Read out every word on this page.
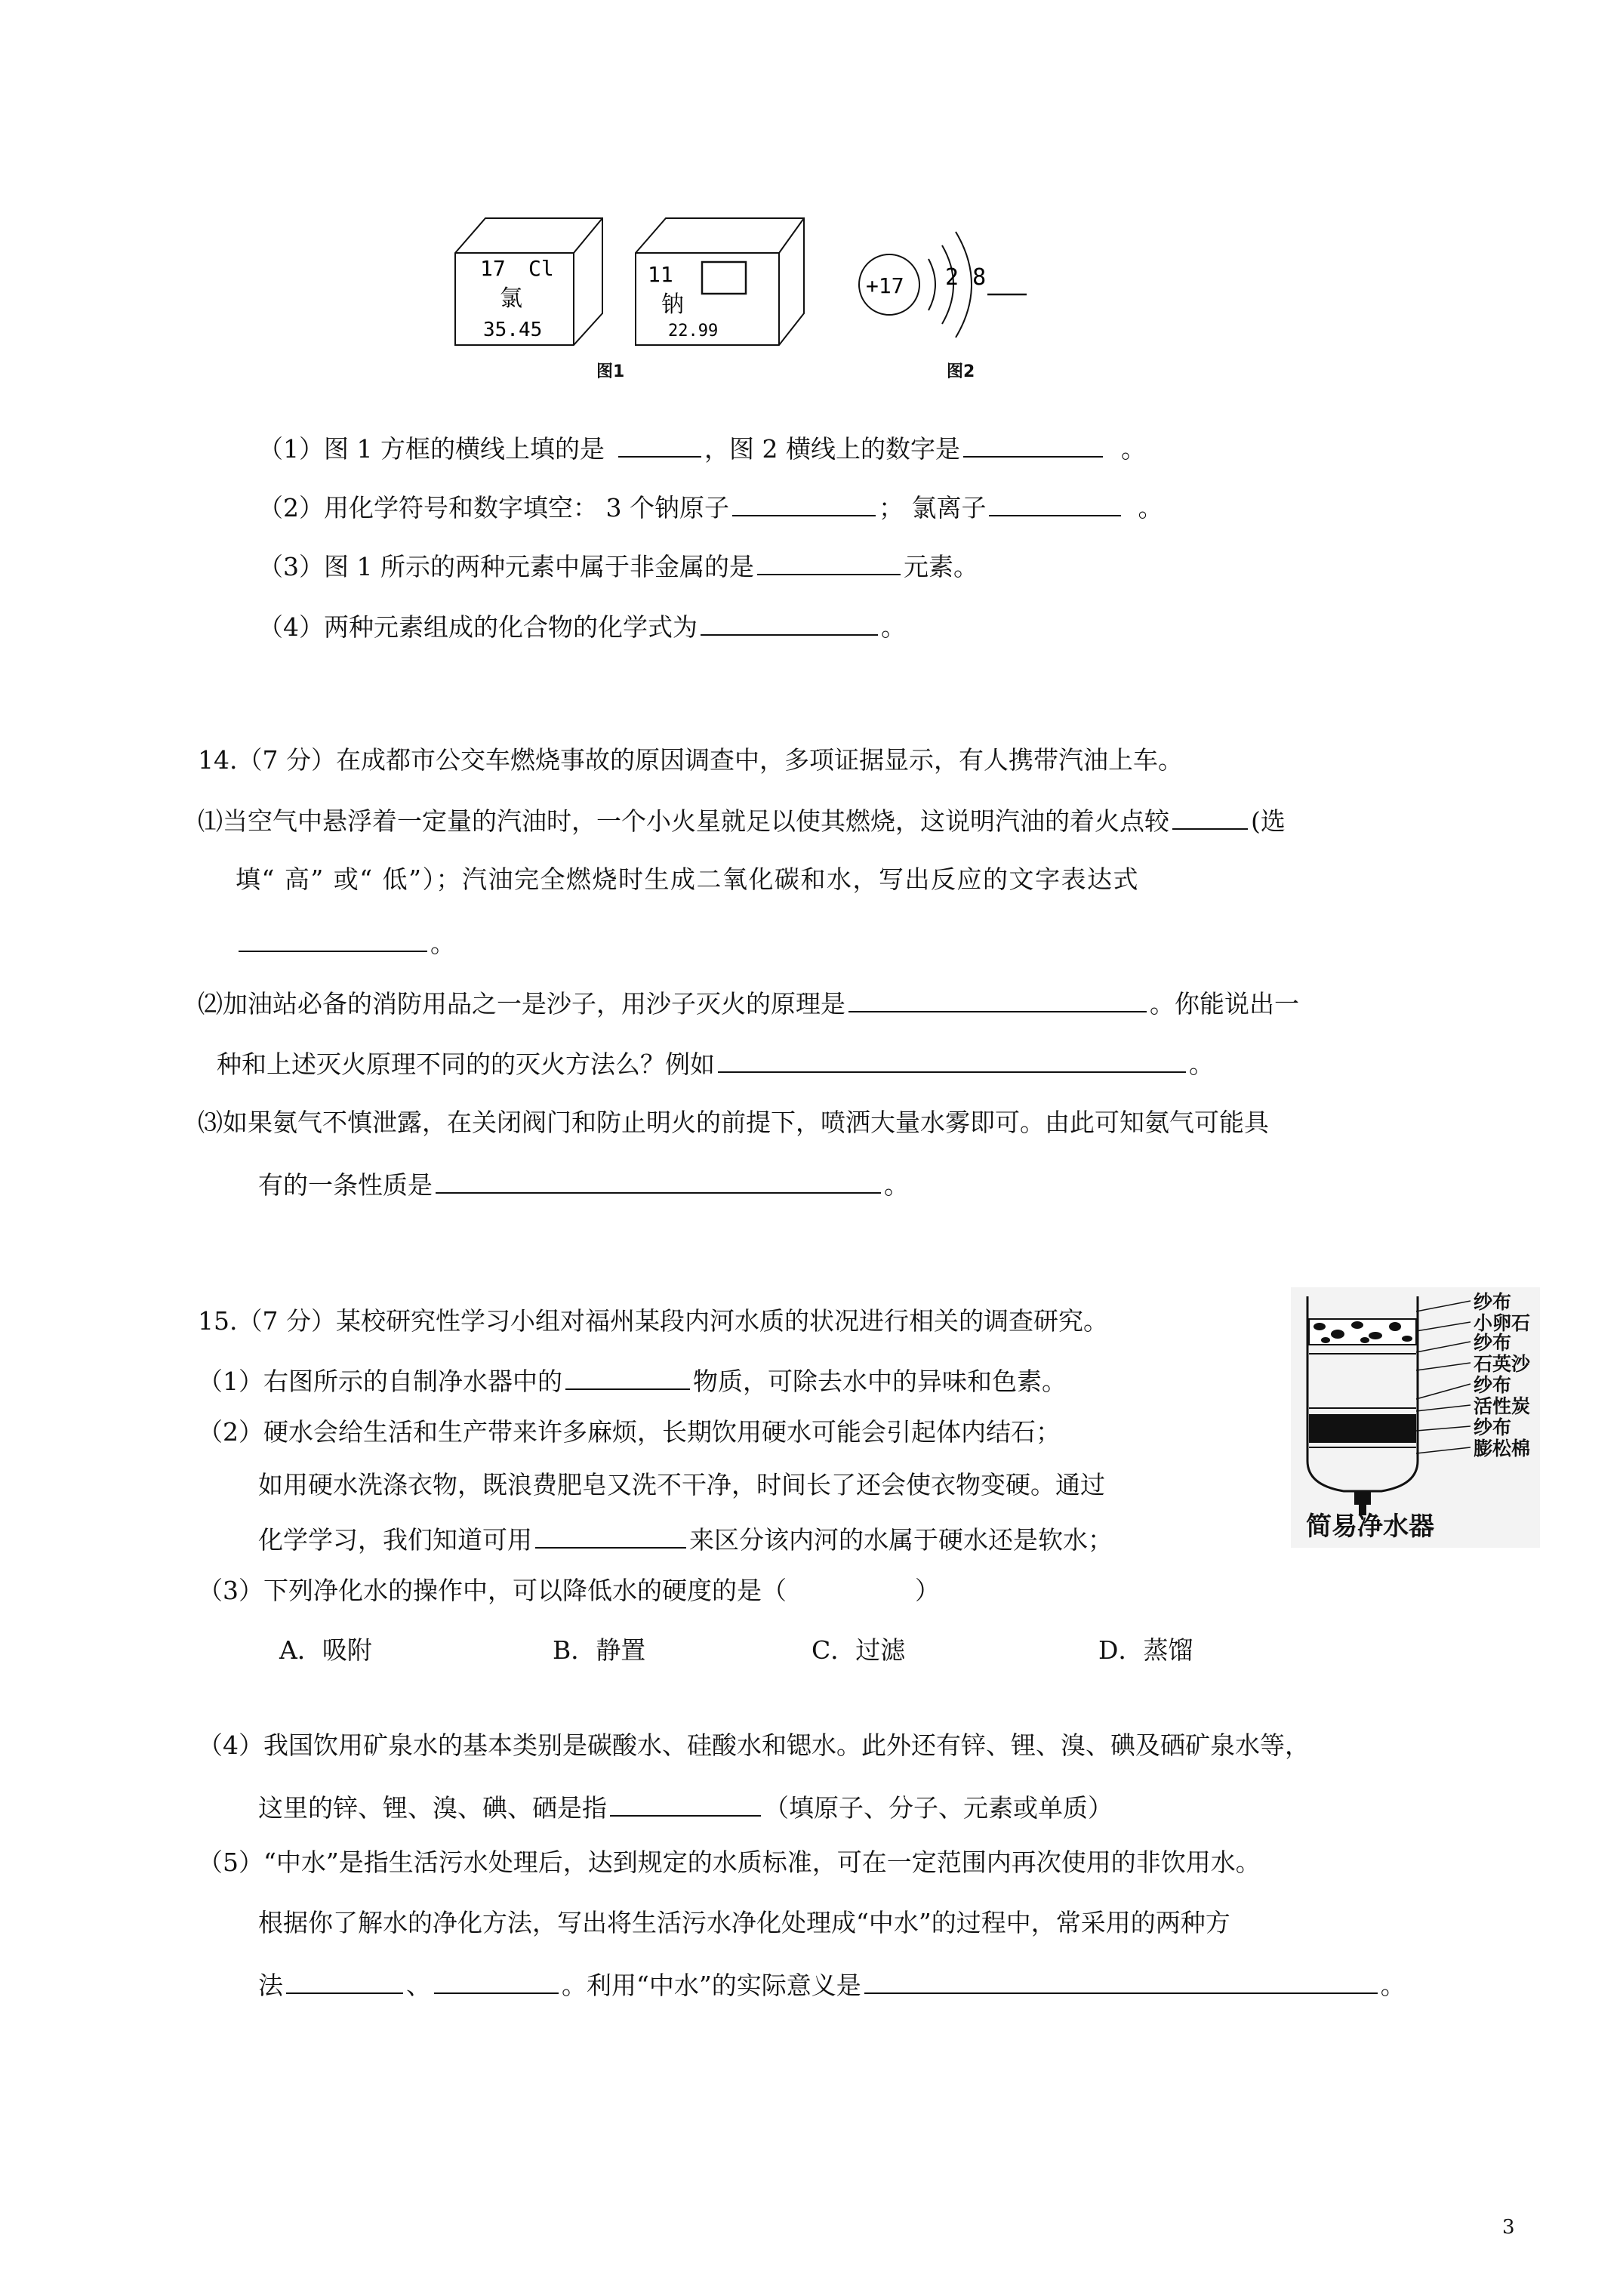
17 Cl
氯
35.45
11
钠
22.99
图1
+17 2 8
图2
（1）图 1 方框的横线上填的是	，图 2 横线上的数字是	。
（2）用化学符号和数字填空： 3 个钠原子	； 氯离子	。
（3）图 1 所示的两种元素中属于非金属的是	元素。
（4）两种元素组成的化合物的化学式为	。
14.（7 分）在成都市公交车燃烧事故的原因调查中，多项证据显示，有人携带汽油上车。
⑴当空气中悬浮着一定量的汽油时，一个小火星就足以使其燃烧，这说明汽油的着火点较	(选
填“ 高” 或“ 低”）；汽油完全燃烧时生成二氧化碳和水，写出反应的文字表达式
。
⑵加油站必备的消防用品之一是沙子，用沙子灭火的原理是	。你能说出一
种和上述灭火原理不同的的灭火方法么？例如	。
⑶如果氨气不慎泄露，在关闭阀门和防止明火的前提下，喷洒大量水雾即可。由此可知氨气可能具
有的一条性质是	。
15.（7 分）某校研究性学习小组对福州某段内河水质的状况进行相关的调查研究。
（1）右图所示的自制净水器中的	物质，可除去水中的异味和色素。
（2）硬水会给生活和生产带来许多麻烦，长期饮用硬水可能会引起体内结石；
如用硬水洗涤衣物，既浪费肥皂又洗不干净，时间长了还会使衣物变硬。通过
化学学习，我们知道可用	来区分该内河的水属于硬水还是软水；
（3）下列净化水的操作中，可以降低水的硬度的是（	）
A．吸附	B．静置	C．过滤	D．蒸馏
（4）我国饮用矿泉水的基本类别是碳酸水、硅酸水和锶水。此外还有锌、锂、溴、碘及硒矿泉水等，
这里的锌、锂、溴、碘、硒是指	（填原子、分子、元素或单质）
（5）“中水”是指生活污水处理后，达到规定的水质标准，可在一定范围内再次使用的非饮用水。
根据你了解水的净化方法，写出将生活污水净化处理成“中水”的过程中，常采用的两种方
法	、	。利用“中水”的实际意义是	。
纱布
小卵石
纱布
石英沙
纱布
活性炭
纱布
膨松棉
简易净水器
3
